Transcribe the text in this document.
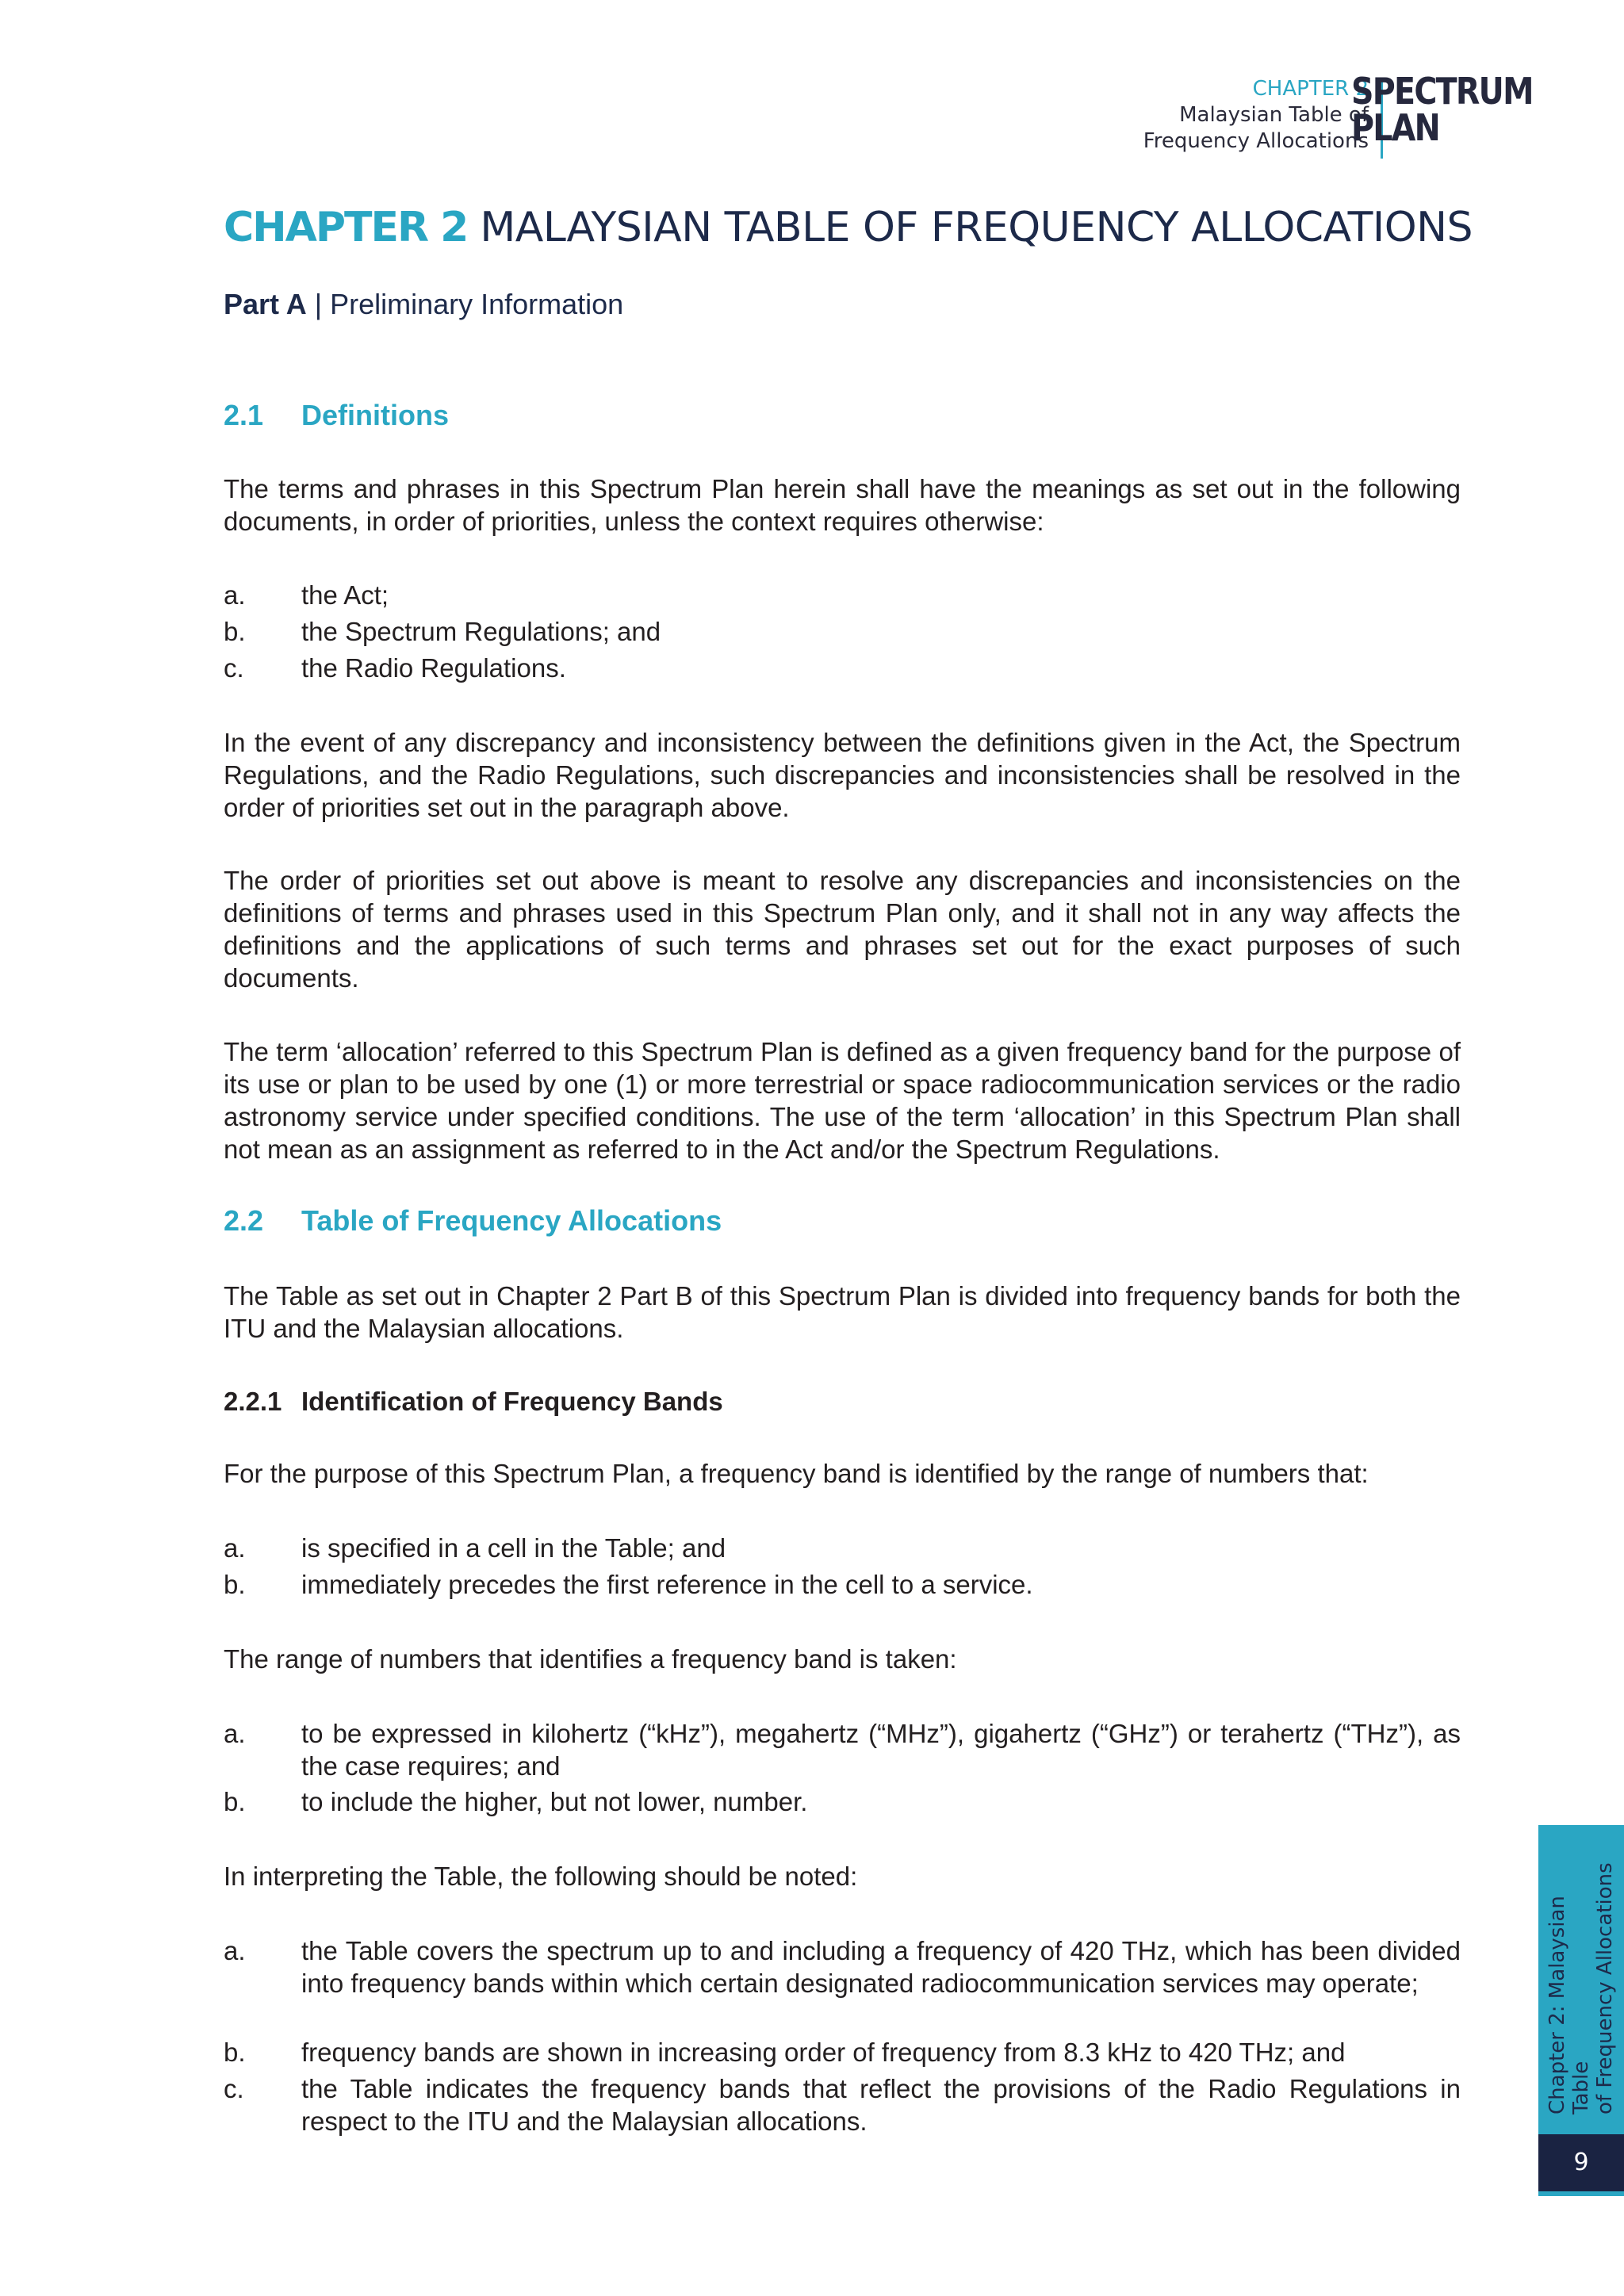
CHAPTER 2
Malaysian Table of
Frequency Allocations
SPECTRUM
PLAN
CHAPTER 2 MALAYSIAN TABLE OF FREQUENCY ALLOCATIONS
Part A | Preliminary Information
2.1 Definitions
The terms and phrases in this Spectrum Plan herein shall have the meanings as set out in the following documents, in order of priorities, unless the context requires otherwise:
a. the Act;
b. the Spectrum Regulations; and
c. the Radio Regulations.
In the event of any discrepancy and inconsistency between the definitions given in the Act, the Spectrum Regulations, and the Radio Regulations, such discrepancies and inconsistencies shall be resolved in the order of priorities set out in the paragraph above.
The order of priorities set out above is meant to resolve any discrepancies and inconsistencies on the definitions of terms and phrases used in this Spectrum Plan only, and it shall not in any way affects the definitions and the applications of such terms and phrases set out for the exact purposes of such documents.
The term ‘allocation’ referred to this Spectrum Plan is defined as a given frequency band for the purpose of its use or plan to be used by one (1) or more terrestrial or space radiocommunication services or the radio astronomy service under specified conditions. The use of the term ‘allocation’ in this Spectrum Plan shall not mean as an assignment as referred to in the Act and/or the Spectrum Regulations.
2.2 Table of Frequency Allocations
The Table as set out in Chapter 2 Part B of this Spectrum Plan is divided into frequency bands for both the ITU and the Malaysian allocations.
2.2.1 Identification of Frequency Bands
For the purpose of this Spectrum Plan, a frequency band is identified by the range of numbers that:
a. is specified in a cell in the Table; and
b. immediately precedes the first reference in the cell to a service.
The range of numbers that identifies a frequency band is taken:
a. to be expressed in kilohertz (“kHz”), megahertz (“MHz”), gigahertz (“GHz”) or terahertz (“THz”), as the case requires; and
b. to include the higher, but not lower, number.
In interpreting the Table, the following should be noted:
a. the Table covers the spectrum up to and including a frequency of 420 THz, which has been divided into frequency bands within which certain designated radiocommunication services may operate;
b. frequency bands are shown in increasing order of frequency from 8.3 kHz to 420 THz; and
c. the Table indicates the frequency bands that reflect the provisions of the Radio Regulations in respect to the ITU and the Malaysian allocations.
Chapter 2: Malaysian Table of Frequency Allocations
9
